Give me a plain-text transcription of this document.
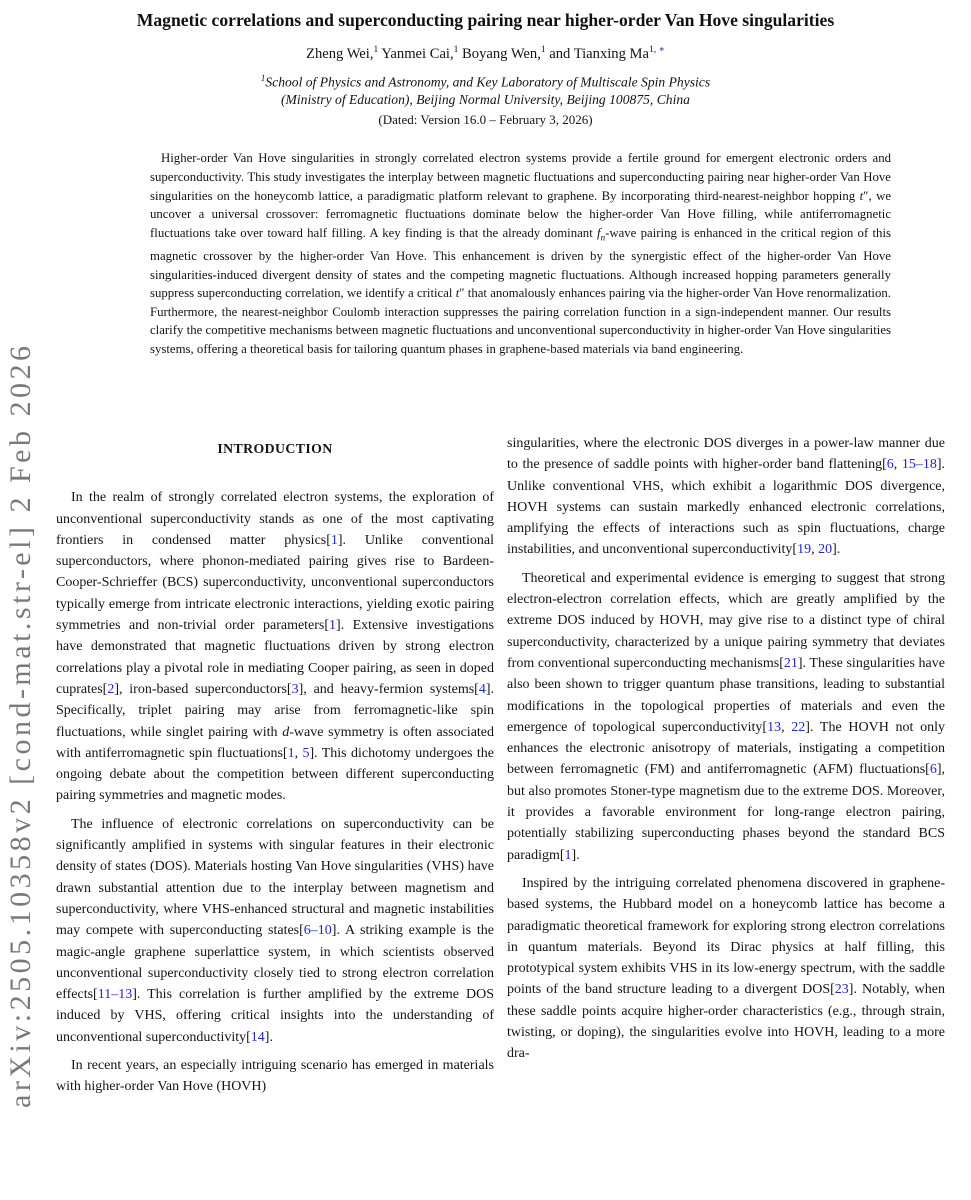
arXiv:2505.10358v2 [cond-mat.str-el] 2 Feb 2026
Magnetic correlations and superconducting pairing near higher-order Van Hove singularities
Zheng Wei,$^1$ Yanmei Cai,$^1$ Boyang Wen,$^1$ and Tianxing $Ma^{1, ∗}$
$^1$School of Physics and Astronomy, and Key Laboratory of Multiscale Spin Physics
(Ministry of Education), Beijing Normal University, Beijing 100875, China
(Dated: Version 16.0 – February 3, 2026)
Higher-order Van Hove singularities in strongly correlated electron systems provide a fertile ground for emergent electronic orders and superconductivity. This study investigates the interplay between magnetic fluctuations and superconducting pairing near higher-order Van Hove singularities on the honeycomb lattice, a paradigmatic platform relevant to graphene. By incorporating third-nearest-neighbor hopping t″, we uncover a universal crossover: ferromagnetic fluctuations dominate below the higher-order Van Hove filling, while antiferromagnetic fluctuations take over toward half filling. A key finding is that the already dominant $f_n$-wave pairing is enhanced in the critical region of this magnetic crossover by the higher-order Van Hove. This enhancement is driven by the synergistic effect of the higher-order Van Hove singularities-induced divergent density of states and the competing magnetic fluctuations. Although increased hopping parameters generally suppress superconducting correlation, we identify a critical t″ that anomalously enhances pairing via the higher-order Van Hove renormalization. Furthermore, the nearest-neighbor Coulomb interaction suppresses the pairing correlation function in a sign-independent manner. Our results clarify the competitive mechanisms between magnetic fluctuations and unconventional superconductivity in higher-order Van Hove singularities systems, offering a theoretical basis for tailoring quantum phases in graphene-based materials via band engineering.
INTRODUCTION

In the realm of strongly correlated electron systems, the exploration of unconventional superconductivity stands as one of the most captivating frontiers in condensed matter physics[1]. Unlike conventional superconductors, where phonon-mediated pairing gives rise to Bardeen-Cooper-Schrieffer (BCS) superconductivity, unconventional superconductors typically emerge from intricate electronic interactions, yielding exotic pairing symmetries and non-trivial order parameters[1]. Extensive investigations have demonstrated that magnetic fluctuations driven by strong electron correlations play a pivotal role in mediating Cooper pairing, as seen in doped cuprates[2], iron-based superconductors[3], and heavy-fermion systems[4]. Specifically, triplet pairing may arise from ferromagnetic-like spin fluctuations, while singlet pairing with d-wave symmetry is often associated with antiferromagnetic spin fluctuations[1, 5]. This dichotomy undergoes the ongoing debate about the competition between different superconducting pairing symmetries and magnetic modes.

The influence of electronic correlations on superconductivity can be significantly amplified in systems with singular features in their electronic density of states (DOS). Materials hosting Van Hove singularities (VHS) have drawn substantial attention due to the interplay between magnetism and superconductivity, where VHS-enhanced structural and magnetic instabilities may compete with superconducting states[6–10]. A striking example is the magic-angle graphene superlattice system, in which scientists observed unconventional superconductivity closely tied to strong electron correlation effects[11–13]. This correlation is further amplified by the extreme DOS induced by VHS, offering critical insights into the understanding of unconventional superconductivity[14].

In recent years, an especially intriguing scenario has emerged in materials with higher-order Van Hove (HOVH)

singularities, where the electronic DOS diverges in a power-law manner due to the presence of saddle points with higher-order band flattening[6, 15–18]. Unlike conventional VHS, which exhibit a logarithmic DOS divergence, HOVH systems can sustain markedly enhanced electronic correlations, amplifying the effects of interactions such as spin fluctuations, charge instabilities, and unconventional superconductivity[19, 20].

Theoretical and experimental evidence is emerging to suggest that strong electron-electron correlation effects, which are greatly amplified by the extreme DOS induced by HOVH, may give rise to a distinct type of chiral superconductivity, characterized by a unique pairing symmetry that deviates from conventional superconducting mechanisms[21]. These singularities have also been shown to trigger quantum phase transitions, leading to substantial modifications in the topological properties of materials and even the emergence of topological superconductivity[13, 22]. The HOVH not only enhances the electronic anisotropy of materials, instigating a competition between ferromagnetic (FM) and antiferromagnetic (AFM) fluctuations[6], but also promotes Stoner-type magnetism due to the extreme DOS. Moreover, it provides a favorable environment for long-range electron pairing, potentially stabilizing superconducting phases beyond the standard BCS paradigm[1].

Inspired by the intriguing correlated phenomena discovered in graphene-based systems, the Hubbard model on a honeycomb lattice has become a paradigmatic theoretical framework for exploring strong electron correlations in quantum materials. Beyond its Dirac physics at half filling, this prototypical system exhibits VHS in its low-energy spectrum, with the saddle points of the band structure leading to a divergent DOS[23]. Notably, when these saddle points acquire higher-order characteristics (e.g., through strain, twisting, or doping), the singularities evolve into HOVH, leading to a more dra-
